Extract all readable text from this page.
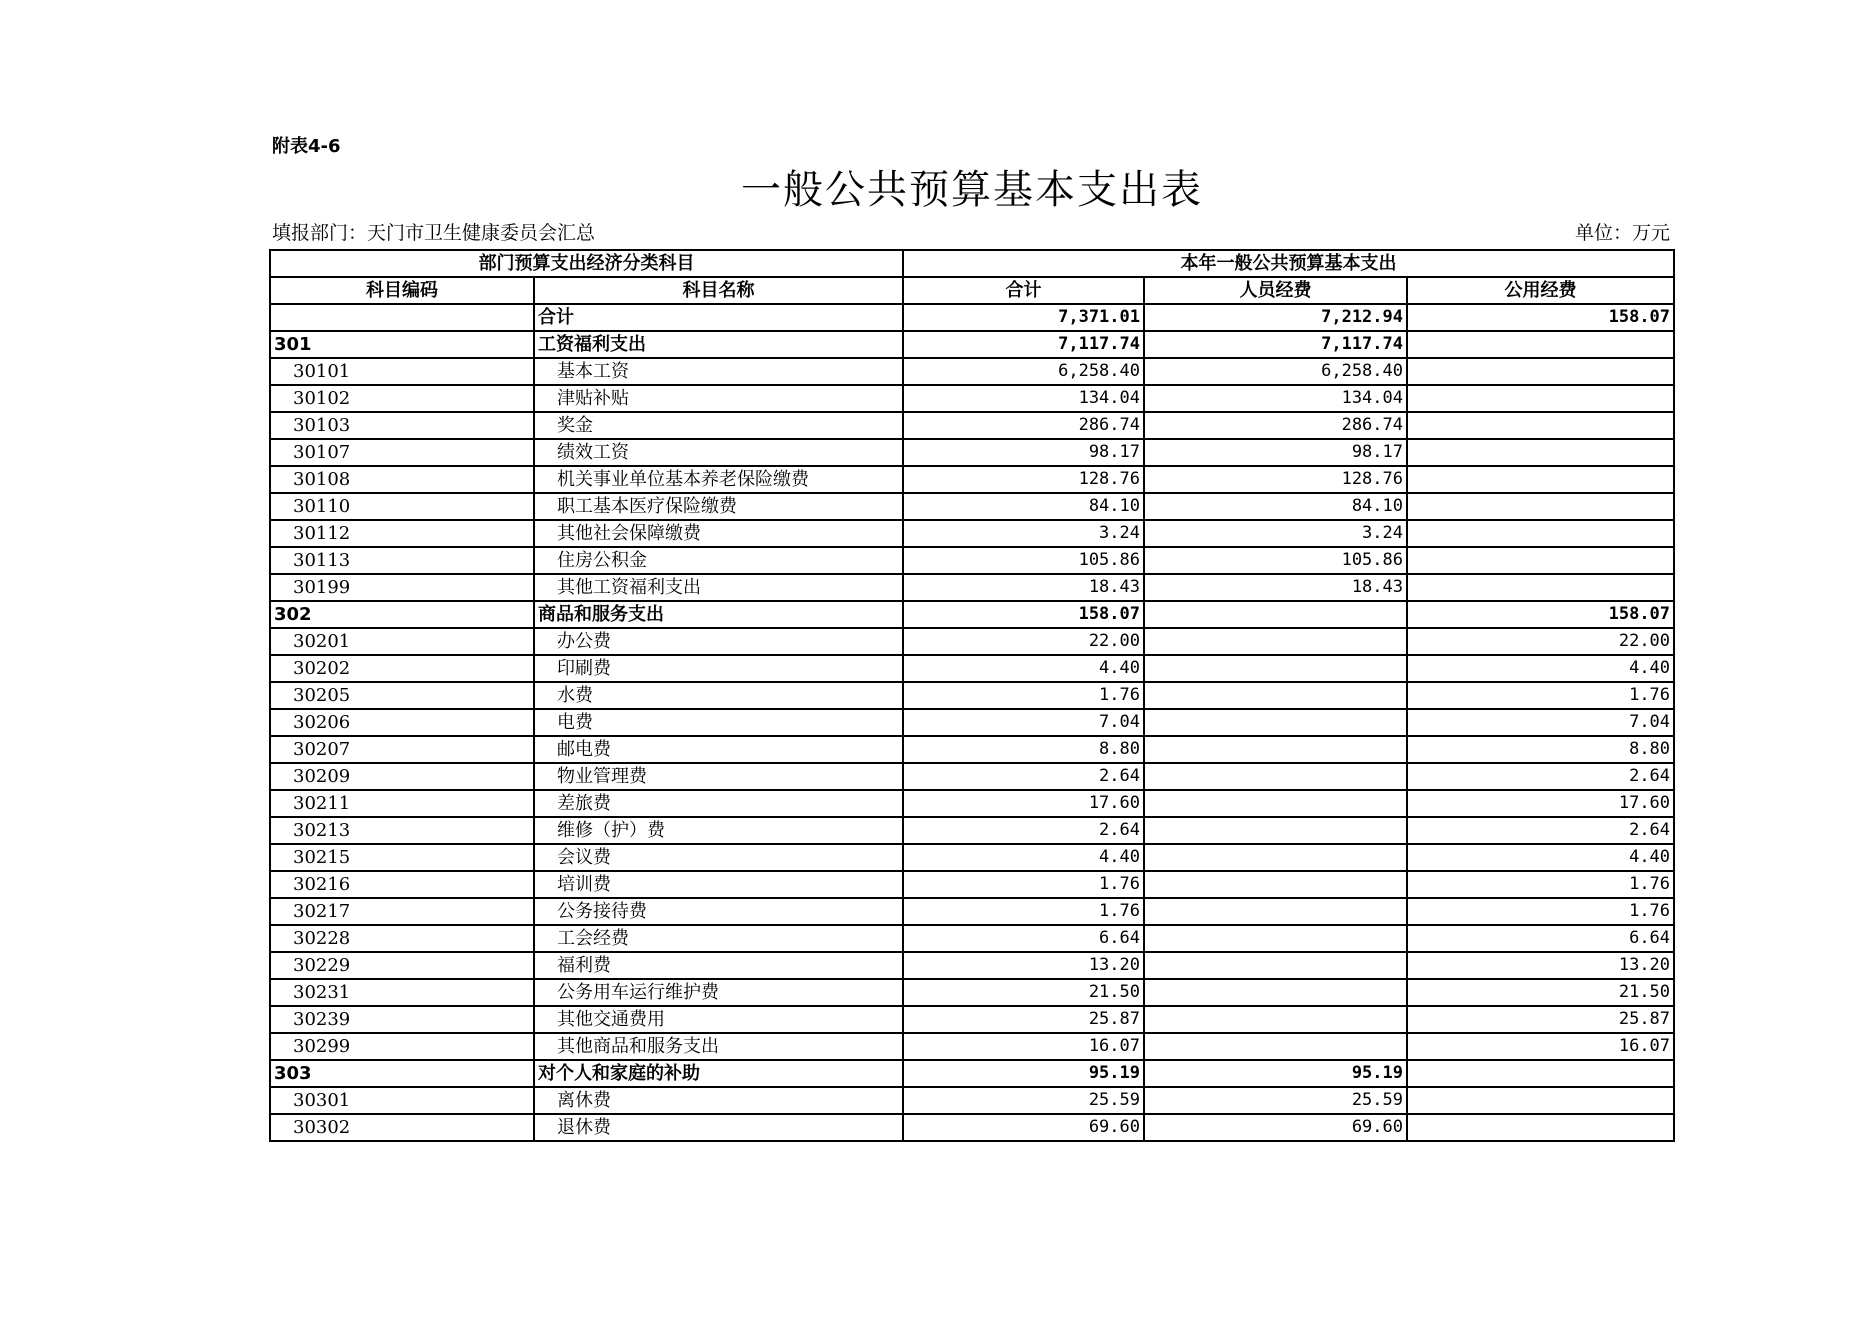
附表4-6
一般公共预算基本支出表
填报部门：天门市卫生健康委员会汇总	单位：万元
部门预算支出经济分类科目		本年一般公共预算基本支出		
科目编码	科目名称	合计	人员经费	公用经费
	合计	7,371.01	7,212.94	158.07
301	工资福利支出	7,117.74	7,117.74	
30101	基本工资	6,258.40	6,258.40	
30102	津贴补贴	134.04	134.04	
30103	奖金	286.74	286.74	
30107	绩效工资	98.17	98.17	
30108	机关事业单位基本养老保险缴费	128.76	128.76	
30110	职工基本医疗保险缴费	84.10	84.10	
30112	其他社会保障缴费	3.24	3.24	
30113	住房公积金	105.86	105.86	
30199	其他工资福利支出	18.43	18.43	
302	商品和服务支出	158.07		158.07
30201	办公费	22.00		22.00
30202	印刷费	4.40		4.40
30205	水费	1.76		1.76
30206	电费	7.04		7.04
30207	邮电费	8.80		8.80
30209	物业管理费	2.64		2.64
30211	差旅费	17.60		17.60
30213	维修（护）费	2.64		2.64
30215	会议费	4.40		4.40
30216	培训费	1.76		1.76
30217	公务接待费	1.76		1.76
30228	工会经费	6.64		6.64
30229	福利费	13.20		13.20
30231	公务用车运行维护费	21.50		21.50
30239	其他交通费用	25.87		25.87
30299	其他商品和服务支出	16.07		16.07
303	对个人和家庭的补助	95.19	95.19	
30301	离休费	25.59	25.59	
30302	退休费	69.60	69.60	
